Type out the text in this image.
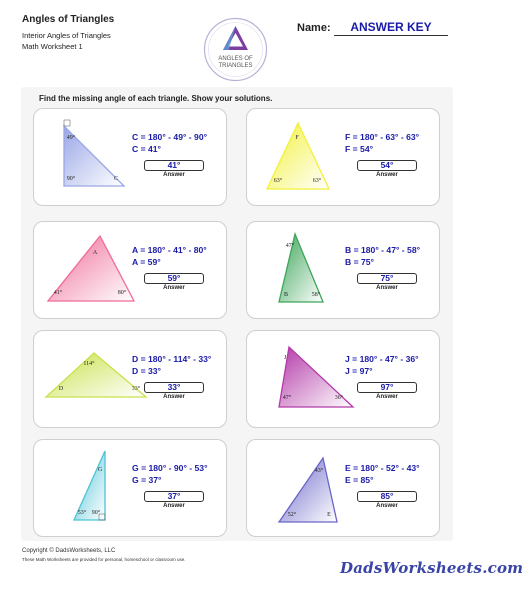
Angles of Triangles
Interior Angles of Triangles
Math Worksheet 1
ANGLES OF
TRIANGLES
Name:	ANSWER KEY
Find the missing angle of each triangle. Show your solutions.
49°
90°	C
C = 180° - 49° - 90°
C = 41°
41°
Answer
F
63°	63°
F = 180° - 63° - 63°
F = 54°
54°
Answer
A
41°	80°
A = 180° - 41° - 80°
A = 59°
59°
Answer
47°
B	58°
B = 180° - 47° - 58°
B = 75°
75°
Answer
114°
D	33°
D = 180° - 114° - 33°
D = 33°
33°
Answer
J
47°	36°
J = 180° - 47° - 36°
J = 97°
97°
Answer
G
53° 90°
G = 180° - 90° - 53°
G = 37°
37°
Answer
43°
52°	E
E = 180° - 52° - 43°
E = 85°
85°
Answer
Copyright © DadsWorksheets, LLC
These Math Worksheets are provided for personal, homeschool or classroom use.	DadsWorksheets.com
